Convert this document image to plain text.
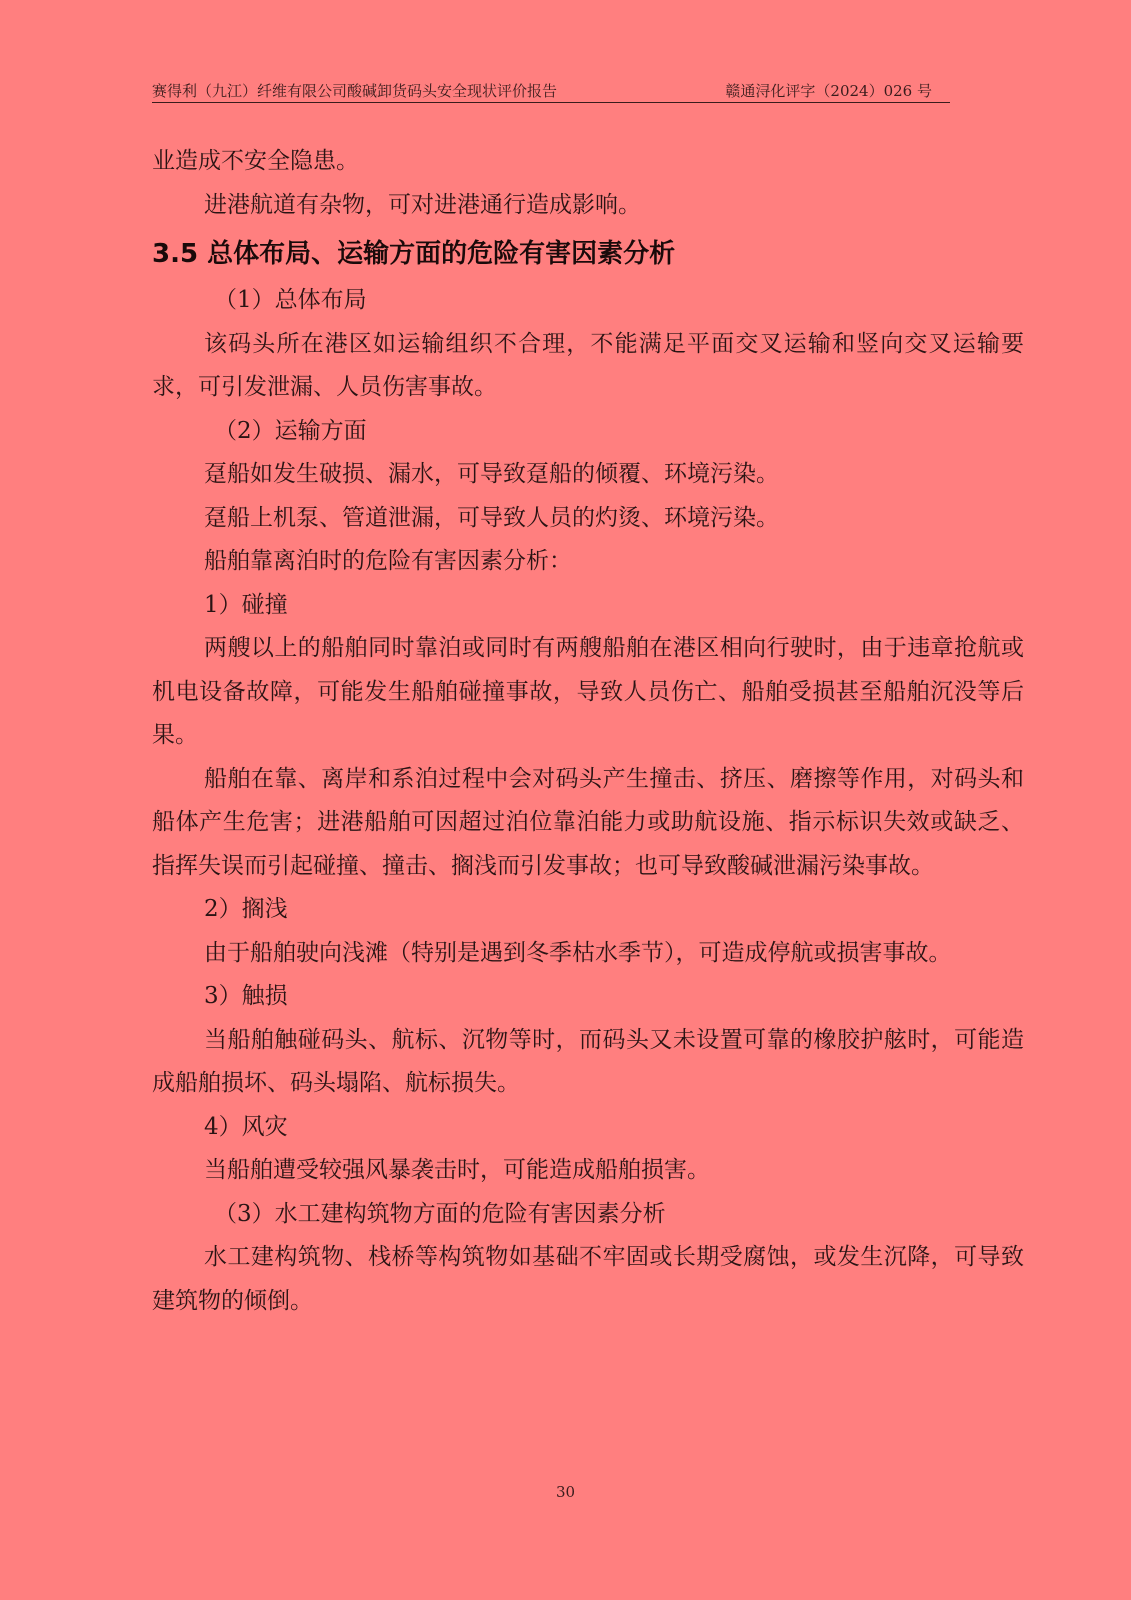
赛得利（九江）纤维有限公司酸碱卸货码头安全现状评价报告	赣通浔化评字（2024）026 号

业造成不安全隐患。

进港航道有杂物，可对进港通行造成影响。

3.5 总体布局、运输方面的危险有害因素分析

（1）总体布局

该码头所在港区如运输组织不合理，不能满足平面交叉运输和竖向交叉运输要求，可引发泄漏、人员伤害事故。

（2）运输方面

趸船如发生破损、漏水，可导致趸船的倾覆、环境污染。

趸船上机泵、管道泄漏，可导致人员的灼烫、环境污染。

船舶靠离泊时的危险有害因素分析：

1）碰撞

两艘以上的船舶同时靠泊或同时有两艘船舶在港区相向行驶时，由于违章抢航或机电设备故障，可能发生船舶碰撞事故，导致人员伤亡、船舶受损甚至船舶沉没等后果。

船舶在靠、离岸和系泊过程中会对码头产生撞击、挤压、磨擦等作用，对码头和船体产生危害；进港船舶可因超过泊位靠泊能力或助航设施、指示标识失效或缺乏、指挥失误而引起碰撞、撞击、搁浅而引发事故；也可导致酸碱泄漏污染事故。

2）搁浅

由于船舶驶向浅滩（特别是遇到冬季枯水季节），可造成停航或损害事故。

3）触损

当船舶触碰码头、航标、沉物等时，而码头又未设置可靠的橡胶护舷时，可能造成船舶损坏、码头塌陷、航标损失。

4）风灾

当船舶遭受较强风暴袭击时，可能造成船舶损害。

（3）水工建构筑物方面的危险有害因素分析

水工建构筑物、栈桥等构筑物如基础不牢固或长期受腐蚀，或发生沉降，可导致建筑物的倾倒。

30
